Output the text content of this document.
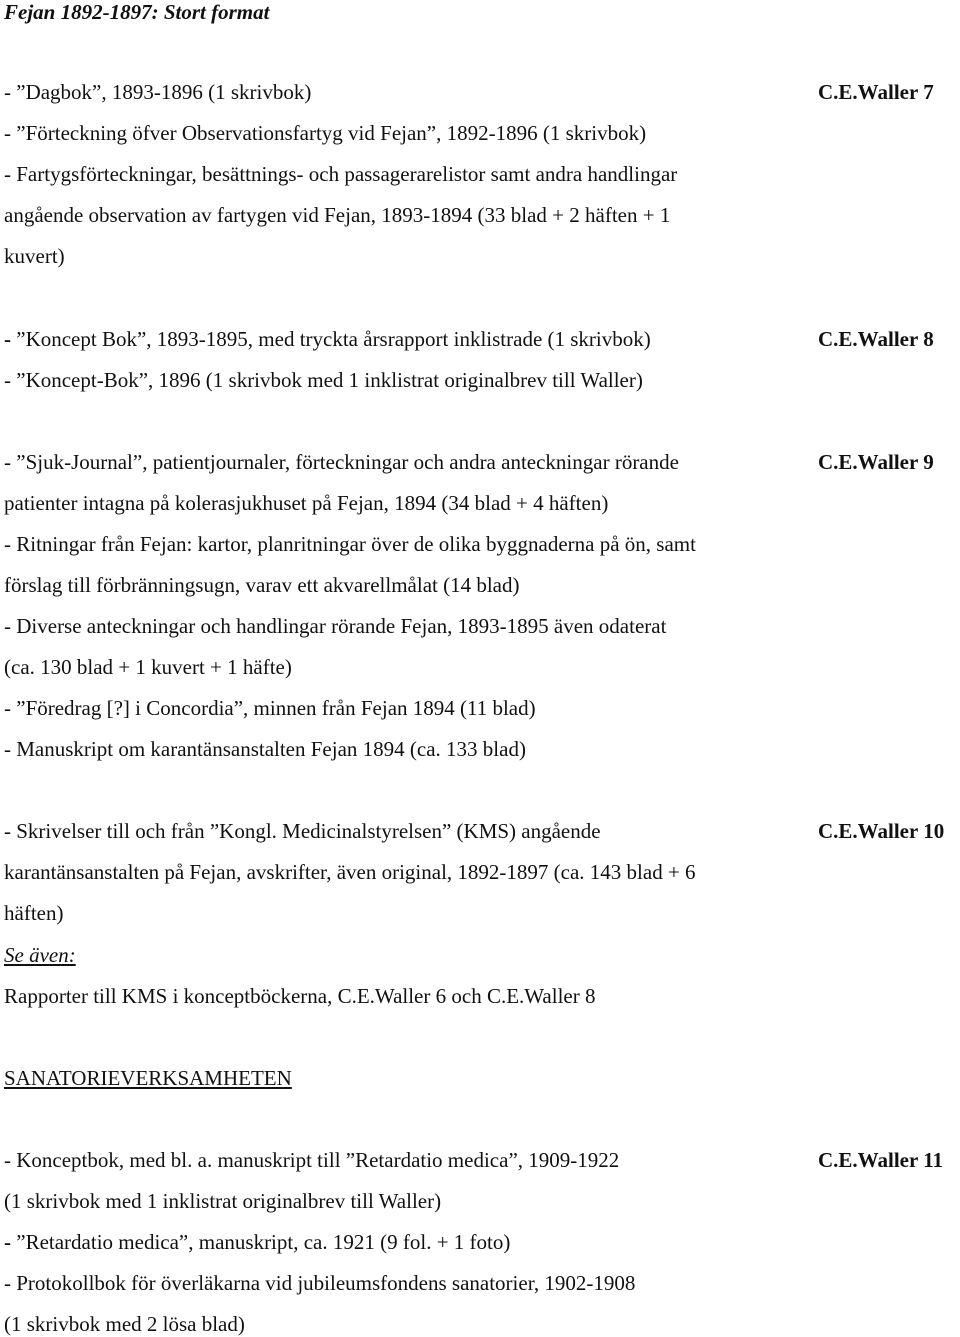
Fejan 1892-1897: Stort format
- ”Dagbok”, 1893-1896 (1 skrivbok)	C.E.Waller 7
- ”Förteckning öfver Observationsfartyg vid Fejan”, 1892-1896 (1 skrivbok)
- Fartygsförteckningar, besättnings- och passagerarelistor samt andra handlingar
angående observation av fartygen vid Fejan, 1893-1894 (33 blad + 2 häften + 1
kuvert)
- ”Koncept Bok”, 1893-1895, med tryckta årsrapport inklistrade (1 skrivbok)	C.E.Waller 8
- ”Koncept-Bok”, 1896 (1 skrivbok med 1 inklistrat originalbrev till Waller)
- ”Sjuk-Journal”, patientjournaler, förteckningar och andra anteckningar rörande	C.E.Waller 9
patienter intagna på kolerasjukhuset på Fejan, 1894 (34 blad + 4 häften)
- Ritningar från Fejan: kartor, planritningar över de olika byggnaderna på ön, samt
förslag till förbränningsugn, varav ett akvarellmålat (14 blad)
- Diverse anteckningar och handlingar rörande Fejan, 1893-1895 även odaterat
(ca. 130 blad + 1 kuvert + 1 häfte)
- ”Föredrag [?] i Concordia”, minnen från Fejan 1894 (11 blad)
- Manuskript om karantänsanstalten Fejan 1894 (ca. 133 blad)
- Skrivelser till och från ”Kongl. Medicinalstyrelsen” (KMS) angående	C.E.Waller 10
karantänsanstalten på Fejan, avskrifter, även original, 1892-1897 (ca. 143 blad + 6
häften)
Se även:
Rapporter till KMS i konceptböckerna, C.E.Waller 6 och C.E.Waller 8
SANATORIEVERKSAMHETEN
- Konceptbok, med bl. a. manuskript till ”Retardatio medica”, 1909-1922	C.E.Waller 11
(1 skrivbok med 1 inklistrat originalbrev till Waller)
- ”Retardatio medica”, manuskript, ca. 1921 (9 fol. + 1 foto)
- Protokollbok för överläkarna vid jubileumsfondens sanatorier, 1902-1908
(1 skrivbok med 2 lösa blad)
